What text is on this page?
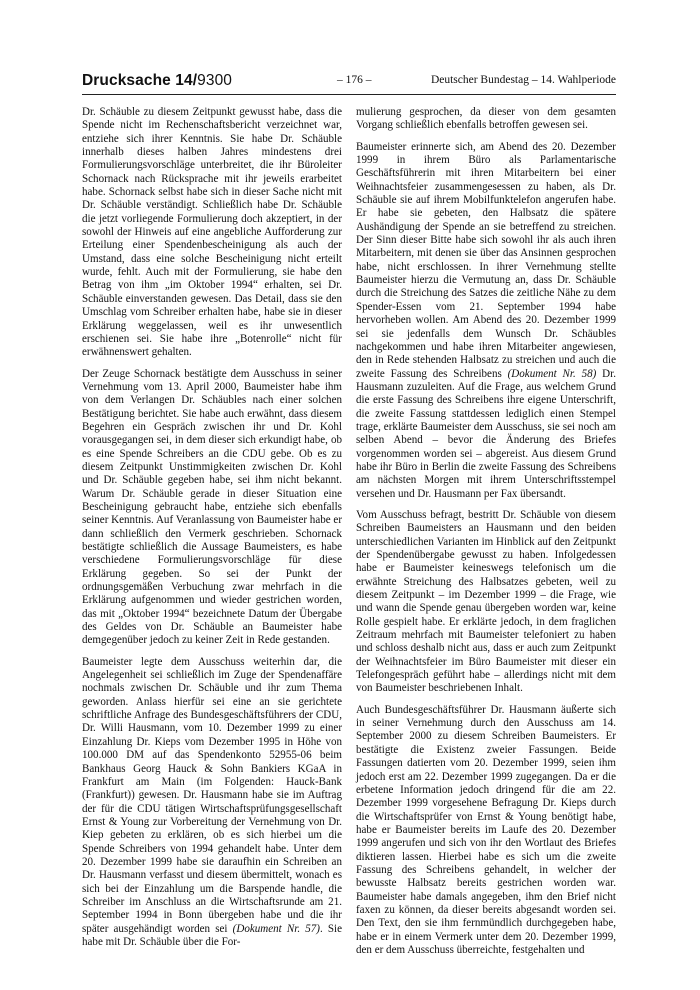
Drucksache 14/9300	– 176 –	Deutscher Bundestag – 14. Wahlperiode

Dr. Schäuble zu diesem Zeitpunkt gewusst habe, dass die Spende nicht im Rechenschaftsbericht verzeichnet war, entziehe sich ihrer Kenntnis. Sie habe Dr. Schäuble innerhalb dieses halben Jahres mindestens drei Formulierungsvorschläge unterbreitet, die ihr Büroleiter Schornack nach Rücksprache mit ihr jeweils erarbeitet habe. Schornack selbst habe sich in dieser Sache nicht mit Dr. Schäuble verständigt. Schließlich habe Dr. Schäuble die jetzt vorliegende Formulierung doch akzeptiert, in der sowohl der Hinweis auf eine angebliche Aufforderung zur Erteilung einer Spendenbescheinigung als auch der Umstand, dass eine solche Bescheinigung nicht erteilt wurde, fehlt. Auch mit der Formulierung, sie habe den Betrag von ihm „im Oktober 1994“ erhalten, sei Dr. Schäuble einverstanden gewesen. Das Detail, dass sie den Umschlag vom Schreiber erhalten habe, habe sie in dieser Erklärung weggelassen, weil es ihr unwesentlich erschienen sei. Sie habe ihre „Botenrolle“ nicht für erwähnenswert gehalten.

Der Zeuge Schornack bestätigte dem Ausschuss in seiner Vernehmung vom 13. April 2000, Baumeister habe ihm von dem Verlangen Dr. Schäubles nach einer solchen Bestätigung berichtet. Sie habe auch erwähnt, dass diesem Begehren ein Gespräch zwischen ihr und Dr. Kohl vorausgegangen sei, in dem dieser sich erkundigt habe, ob es eine Spende Schreibers an die CDU gebe. Ob es zu diesem Zeitpunkt Unstimmigkeiten zwischen Dr. Kohl und Dr. Schäuble gegeben habe, sei ihm nicht bekannt. Warum Dr. Schäuble gerade in dieser Situation eine Bescheinigung gebraucht habe, entziehe sich ebenfalls seiner Kenntnis. Auf Veranlassung von Baumeister habe er dann schließlich den Vermerk geschrieben. Schornack bestätigte schließlich die Aussage Baumeisters, es habe verschiedene Formulierungsvorschläge für diese Erklärung gegeben. So sei der Punkt der ordnungsgemäßen Verbuchung zwar mehrfach in die Erklärung aufgenommen und wieder gestrichen worden, das mit „Oktober 1994“ bezeichnete Datum der Übergabe des Geldes von Dr. Schäuble an Baumeister habe demgegenüber jedoch zu keiner Zeit in Rede gestanden.

Baumeister legte dem Ausschuss weiterhin dar, die Angelegenheit sei schließlich im Zuge der Spendenaffäre nochmals zwischen Dr. Schäuble und ihr zum Thema geworden. Anlass hierfür sei eine an sie gerichtete schriftliche Anfrage des Bundesgeschäftsführers der CDU, Dr. Willi Hausmann, vom 10. Dezember 1999 zu einer Einzahlung Dr. Kieps vom Dezember 1995 in Höhe von 100.000 DM auf das Spendenkonto 52955-06 beim Bankhaus Georg Hauck & Sohn Bankiers KGaA in Frankfurt am Main (im Folgenden: Hauck-Bank (Frankfurt)) gewesen. Dr. Hausmann habe sie im Auftrag der für die CDU tätigen Wirtschaftsprüfungsgesellschaft Ernst & Young zur Vorbereitung der Vernehmung von Dr. Kiep gebeten zu erklären, ob es sich hierbei um die Spende Schreibers von 1994 gehandelt habe. Unter dem 20. Dezember 1999 habe sie daraufhin ein Schreiben an Dr. Hausmann verfasst und diesem übermittelt, wonach es sich bei der Einzahlung um die Barspende handle, die Schreiber im Anschluss an die Wirtschaftsrunde am 21. September 1994 in Bonn übergeben habe und die ihr später ausgehändigt worden sei (Dokument Nr. 57). Sie habe mit Dr. Schäuble über die For-

mulierung gesprochen, da dieser von dem gesamten Vorgang schließlich ebenfalls betroffen gewesen sei.

Baumeister erinnerte sich, am Abend des 20. Dezember 1999 in ihrem Büro als Parlamentarische Geschäftsführerin mit ihren Mitarbeitern bei einer Weihnachtsfeier zusammengesessen zu haben, als Dr. Schäuble sie auf ihrem Mobilfunktelefon angerufen habe. Er habe sie gebeten, den Halbsatz die spätere Aushändigung der Spende an sie betreffend zu streichen. Der Sinn dieser Bitte habe sich sowohl ihr als auch ihren Mitarbeitern, mit denen sie über das Ansinnen gesprochen habe, nicht erschlossen. In ihrer Vernehmung stellte Baumeister hierzu die Vermutung an, dass Dr. Schäuble durch die Streichung des Satzes die zeitliche Nähe zu dem Spender-Essen vom 21. September 1994 habe hervorheben wollen. Am Abend des 20. Dezember 1999 sei sie jedenfalls dem Wunsch Dr. Schäubles nachgekommen und habe ihren Mitarbeiter angewiesen, den in Rede stehenden Halbsatz zu streichen und auch die zweite Fassung des Schreibens (Dokument Nr. 58) Dr. Hausmann zuzuleiten. Auf die Frage, aus welchem Grund die erste Fassung des Schreibens ihre eigene Unterschrift, die zweite Fassung stattdessen lediglich einen Stempel trage, erklärte Baumeister dem Ausschuss, sie sei noch am selben Abend – bevor die Änderung des Briefes vorgenommen worden sei – abgereist. Aus diesem Grund habe ihr Büro in Berlin die zweite Fassung des Schreibens am nächsten Morgen mit ihrem Unterschriftsstempel versehen und Dr. Hausmann per Fax übersandt.

Vom Ausschuss befragt, bestritt Dr. Schäuble von diesem Schreiben Baumeisters an Hausmann und den beiden unterschiedlichen Varianten im Hinblick auf den Zeitpunkt der Spendenübergabe gewusst zu haben. Infolgedessen habe er Baumeister keineswegs telefonisch um die erwähnte Streichung des Halbsatzes gebeten, weil zu diesem Zeitpunkt – im Dezember 1999 – die Frage, wie und wann die Spende genau übergeben worden war, keine Rolle gespielt habe. Er erklärte jedoch, in dem fraglichen Zeitraum mehrfach mit Baumeister telefoniert zu haben und schloss deshalb nicht aus, dass er auch zum Zeitpunkt der Weihnachtsfeier im Büro Baumeister mit dieser ein Telefongespräch geführt habe – allerdings nicht mit dem von Baumeister beschriebenen Inhalt.

Auch Bundesgeschäftsführer Dr. Hausmann äußerte sich in seiner Vernehmung durch den Ausschuss am 14. September 2000 zu diesem Schreiben Baumeisters. Er bestätigte die Existenz zweier Fassungen. Beide Fassungen datierten vom 20. Dezember 1999, seien ihm jedoch erst am 22. Dezember 1999 zugegangen. Da er die erbetene Information jedoch dringend für die am 22. Dezember 1999 vorgesehene Befragung Dr. Kieps durch die Wirtschaftsprüfer von Ernst & Young benötigt habe, habe er Baumeister bereits im Laufe des 20. Dezember 1999 angerufen und sich von ihr den Wortlaut des Briefes diktieren lassen. Hierbei habe es sich um die zweite Fassung des Schreibens gehandelt, in welcher der bewusste Halbsatz bereits gestrichen worden war. Baumeister habe damals angegeben, ihm den Brief nicht faxen zu können, da dieser bereits abgesandt worden sei. Den Text, den sie ihm fernmündlich durchgegeben habe, habe er in einem Vermerk unter dem 20. Dezember 1999, den er dem Ausschuss überreichte, festgehalten und
